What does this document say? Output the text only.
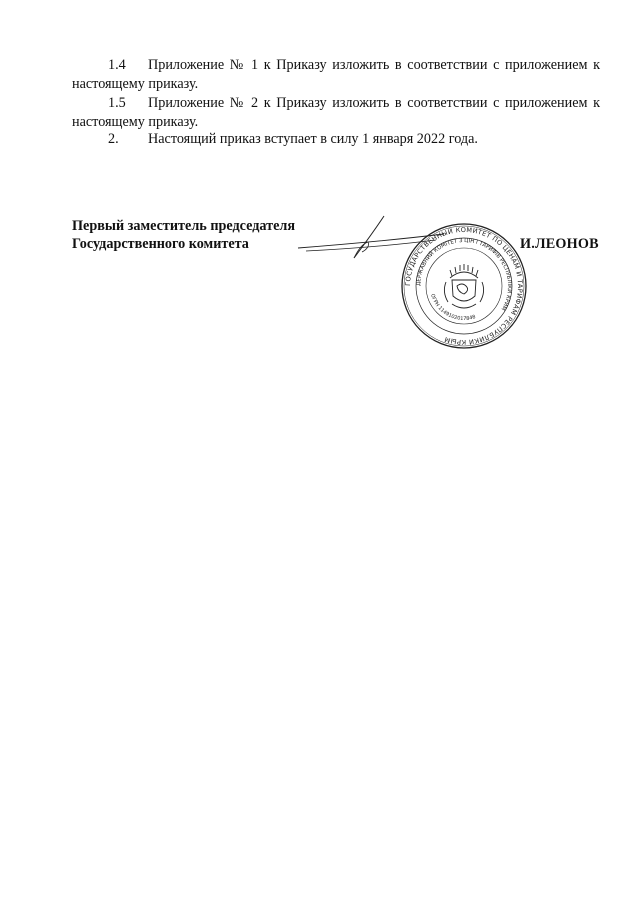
1.4 Приложение № 1 к Приказу изложить в соответствии с приложением к настоящему приказу.
1.5 Приложение № 2 к Приказу изложить в соответствии с приложением к настоящему приказу.
2. Настоящий приказ вступает в силу 1 января 2022 года.
Первый заместитель председателя
Государственного комитета
ГОСУДАРСТВЕННЫЙ КОМИТЕТ ПО ЦЕНАМ И ТАРИФАМ РЕСПУБЛИКИ КРЫМ
ДЕРЖАВНИЙ КОМІТЕТ З ЦІН І ТАРИФІВ РЕСПУБЛІКИ КРИМ
ОГРН 1149102017848
И.ЛЕОНОВ
